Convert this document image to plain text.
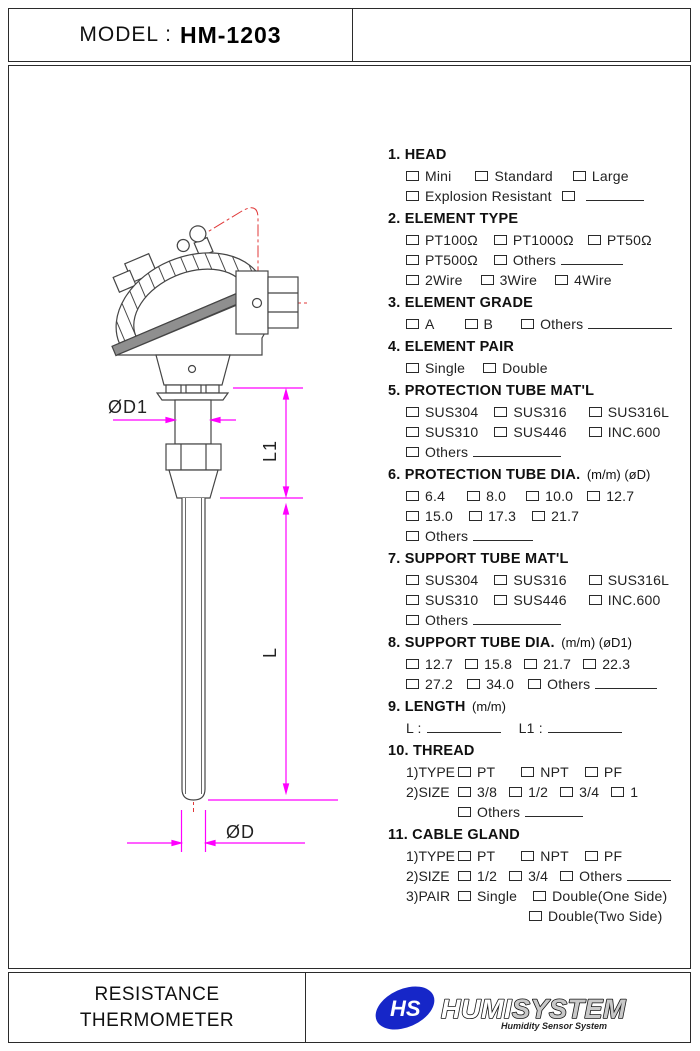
MODEL : HM-1203
ØD1
L1
L
ØD
1. HEAD
Mini	Standard	Large
Explosion Resistant
2. ELEMENT TYPE
PT100Ω	PT1000Ω PT50Ω
PT500Ω	Others
2Wire	3Wire	4Wire
3. ELEMENT GRADE
A	B	Others
4. ELEMENT PAIR
Single	Double
5. PROTECTION TUBE MAT'L
SUS304	SUS316	SUS316L
SUS310	SUS446	INC.600
Others
6. PROTECTION TUBE DIA. (m/m) (øD)
6.4	8.0	10.0 12.7
15.0	17.3	21.7
Others
7. SUPPORT TUBE MAT'L
SUS304	SUS316	SUS316L
SUS310	SUS446	INC.600
Others
8. SUPPORT TUBE DIA. (m/m) (øD1)
12.7 15.8 21.7 22.3
27.2 34.0 Others
9. LENGTH (m/m)
L :	L1 :
10. THREAD
1)TYPE PT	NPT	PF
2)SIZE 3/8 1/2 3/4 1
Others
11. CABLE GLAND
1)TYPE PT	NPT	PF
2)SIZE 1/2 3/4 Others
3)PAIR Single	Double(One Side)
Double(Two Side)
RESISTANCE
THERMOMETER	HS HUMISYSTEM
Humidity Sensor System
